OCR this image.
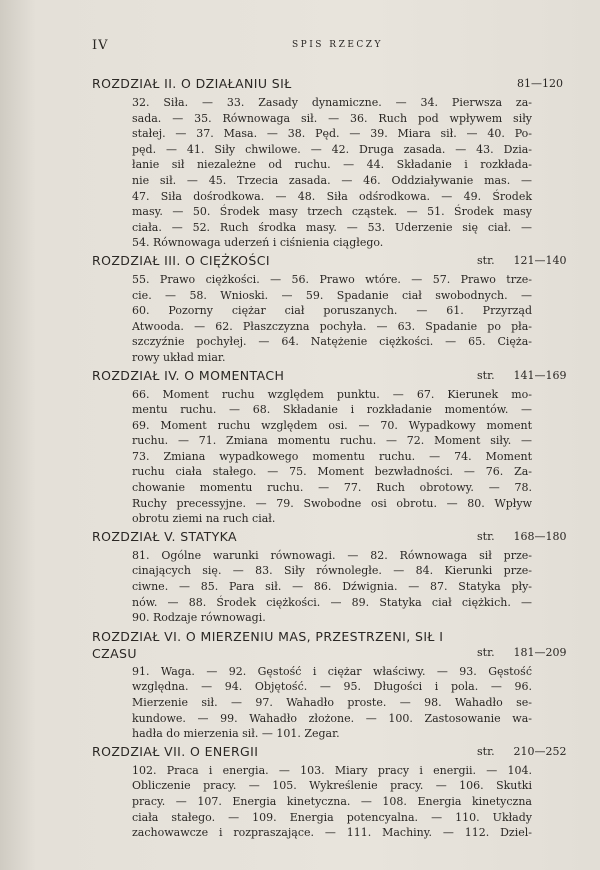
IV	SPIS RZECZY
ROZDZIAŁ II. O DZIAŁANIU SIŁ	81—120
32. Siła. — 33. Zasady dynamiczne. — 34. Pierwsza za-
sada. — 35. Równowaga sił. — 36. Ruch pod wpływem siły
stałej. — 37. Masa. — 38. Pęd. — 39. Miara sił. — 40. Po-
pęd. — 41. Siły chwilowe. — 42. Druga zasada. — 43. Dzia-
łanie sił niezależne od ruchu. — 44. Składanie i rozkłada-
nie sił. — 45. Trzecia zasada. — 46. Oddziaływanie mas. —
47. Siła dośrodkowa. — 48. Siła odśrodkowa. — 49. Środek
masy. — 50. Środek masy trzech cząstek. — 51. Środek masy
ciała. — 52. Ruch środka masy. — 53. Uderzenie się ciał. —
54. Równowaga uderzeń i ciśnienia ciągłego.
ROZDZIAŁ III. O CIĘŻKOŚCI	str.	121—140
55. Prawo ciężkości. — 56. Prawo wtóre. — 57. Prawo trze-
cie. — 58. Wnioski. — 59. Spadanie ciał swobodnych. —
60. Pozorny ciężar ciał poruszanych. — 61. Przyrząd
Atwooda. — 62. Płaszczyzna pochyła. — 63. Spadanie po pła-
szczyźnie pochyłej. — 64. Natężenie ciężkości. — 65. Cięża-
rowy układ miar.
ROZDZIAŁ IV. O MOMENTACH	str.	141—169
66. Moment ruchu względem punktu. — 67. Kierunek mo-
mentu ruchu. — 68. Składanie i rozkładanie momentów. —
69. Moment ruchu względem osi. — 70. Wypadkowy moment
ruchu. — 71. Zmiana momentu ruchu. — 72. Moment siły. —
73. Zmiana wypadkowego momentu ruchu. — 74. Moment
ruchu ciała stałego. — 75. Moment bezwładności. — 76. Za-
chowanie momentu ruchu. — 77. Ruch obrotowy. — 78.
Ruchy precessyjne. — 79. Swobodne osi obrotu. — 80. Wpływ
obrotu ziemi na ruch ciał.
ROZDZIAŁ V. STATYKA	str.	168—180
81. Ogólne warunki równowagi. — 82. Równowaga sił prze-
cinających się. — 83. Siły równoległe. — 84. Kierunki prze-
ciwne. — 85. Para sił. — 86. Dźwignia. — 87. Statyka pły-
nów. — 88. Środek ciężkości. — 89. Statyka ciał ciężkich. —
90. Rodzaje równowagi.
ROZDZIAŁ VI. O MIERZENIU MAS, PRZESTRZENI, SIŁ I CZASU	str.	181—209
91. Waga. — 92. Gęstość i ciężar właściwy. — 93. Gęstość
względna. — 94. Objętość. — 95. Długości i pola. — 96.
Mierzenie sił. — 97. Wahadło proste. — 98. Wahadło se-
kundowe. — 99. Wahadło złożone. — 100. Zastosowanie wa-
hadła do mierzenia sił. — 101. Zegar.
ROZDZIAŁ VII. O ENERGII	str.	210—252
102. Praca i energia. — 103. Miary pracy i energii. — 104.
Obliczenie pracy. — 105. Wykreślenie pracy. — 106. Skutki
pracy. — 107. Energia kinetyczna. — 108. Energia kinetyczna
ciała stałego. — 109. Energia potencyalna. — 110. Układy
zachowawcze i rozpraszające. — 111. Machiny. — 112. Dziel-
